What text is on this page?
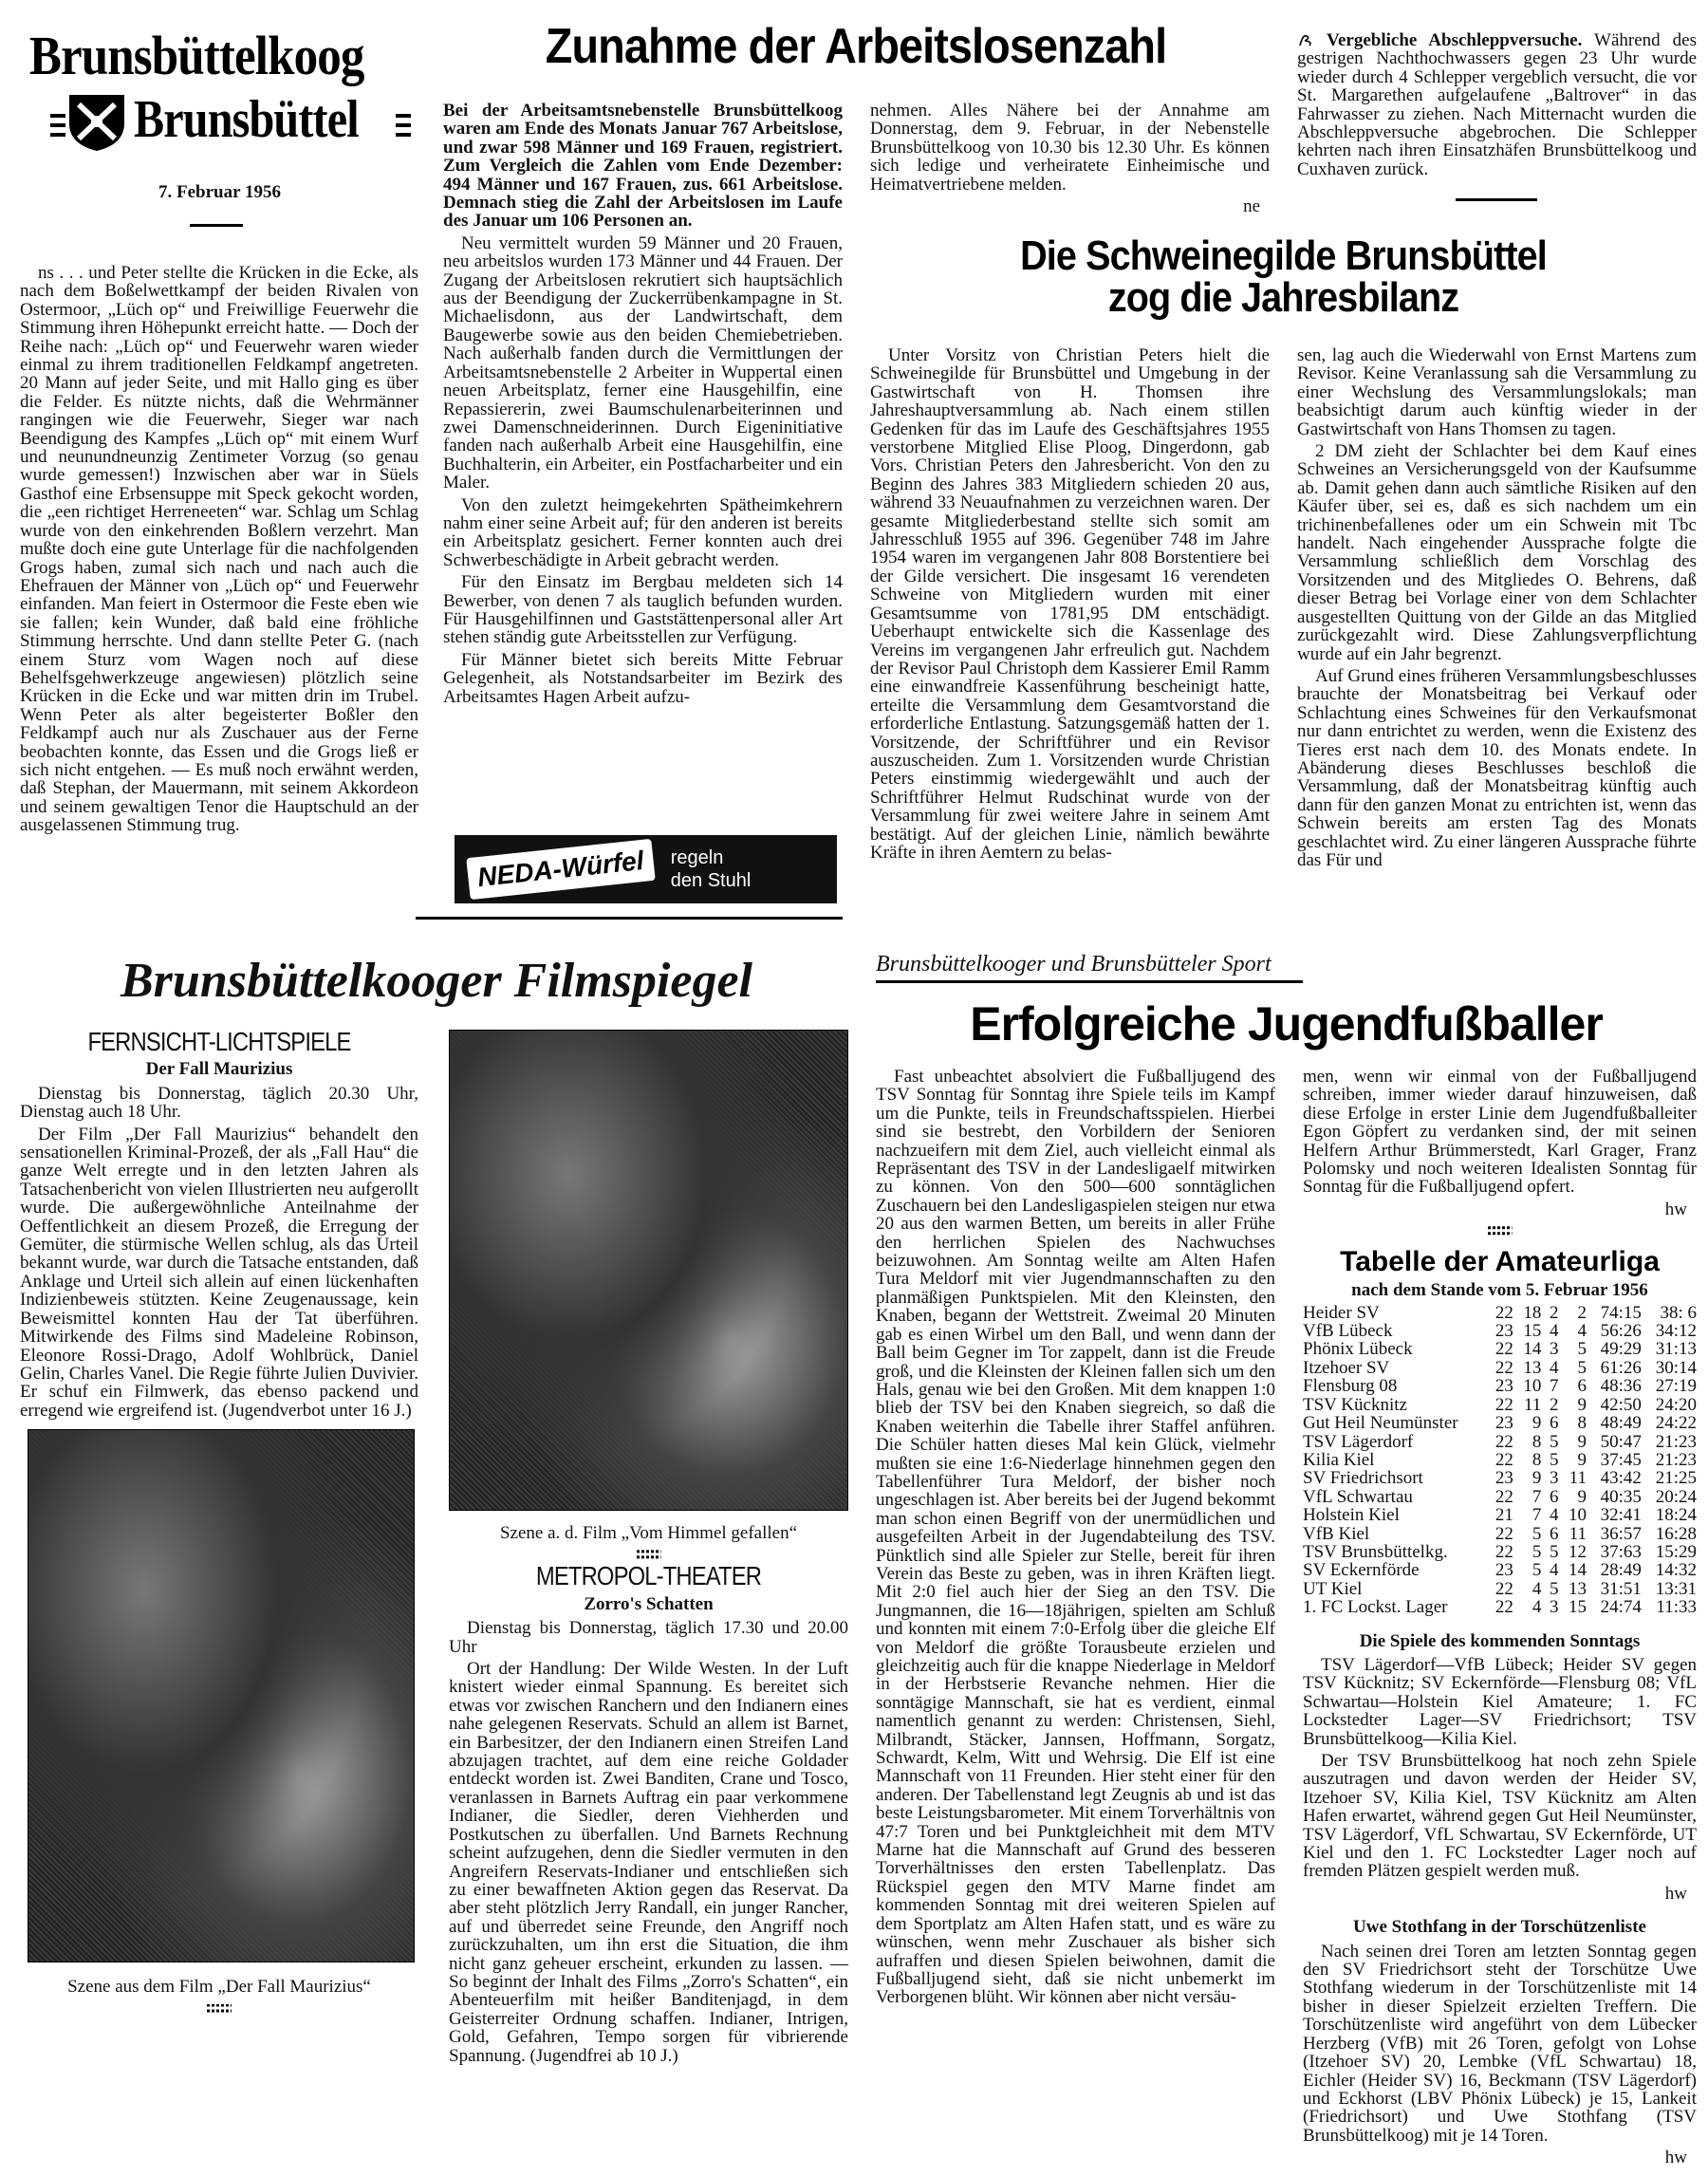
Brunsbüttelkoog
Brunsbüttel
7. Februar 1956

ns . . . und Peter stellte die Krücken in die Ecke, als nach dem Boßelwettkampf der beiden Rivalen von Ostermoor, „Lüch op“ und Freiwillige Feuerwehr die Stimmung ihren Höhepunkt erreicht hatte. — Doch der Reihe nach: „Lüch op“ und Feuerwehr waren wieder einmal zu ihrem traditionellen Feldkampf angetreten. 20 Mann auf jeder Seite, und mit Hallo ging es über die Felder. Es nützte nichts, daß die Wehrmänner rangingen wie die Feuerwehr, Sieger war nach Beendigung des Kampfes „Lüch op“ mit einem Wurf und neunundneunzig Zentimeter Vorzug (so genau wurde gemessen!) Inzwischen aber war in Süels Gasthof eine Erbsensuppe mit Speck gekocht worden, die „een richtiget Herreneeten“ war. Schlag um Schlag wurde von den einkehrenden Boßlern verzehrt. Man mußte doch eine gute Unterlage für die nachfolgenden Grogs haben, zumal sich nach und nach auch die Ehefrauen der Männer von „Lüch op“ und Feuerwehr einfanden. Man feiert in Ostermoor die Feste eben wie sie fallen; kein Wunder, daß bald eine fröhliche Stimmung herrschte. Und dann stellte Peter G. (nach einem Sturz vom Wagen noch auf diese Behelfsgehwerkzeuge angewiesen) plötzlich seine Krücken in die Ecke und war mitten drin im Trubel. Wenn Peter als alter begeisterter Boßler den Feldkampf auch nur als Zuschauer aus der Ferne beobachten konnte, das Essen und die Grogs ließ er sich nicht entgehen. — Es muß noch erwähnt werden, daß Stephan, der Mauermann, mit seinem Akkordeon und seinem gewaltigen Tenor die Hauptschuld an der ausgelassenen Stimmung trug.

Zunahme der Arbeitslosenzahl

Bei der Arbeitsamtsnebenstelle Brunsbüttelkoog waren am Ende des Monats Januar 767 Arbeitslose, und zwar 598 Männer und 169 Frauen, registriert. Zum Vergleich die Zahlen vom Ende Dezember: 494 Männer und 167 Frauen, zus. 661 Arbeitslose. Demnach stieg die Zahl der Arbeitslosen im Laufe des Januar um 106 Personen an.

Neu vermittelt wurden 59 Männer und 20 Frauen, neu arbeitslos wurden 173 Männer und 44 Frauen. Der Zugang der Arbeitslosen rekrutiert sich hauptsächlich aus der Beendigung der Zuckerrübenkampagne in St. Michaelisdonn, aus der Landwirtschaft, dem Baugewerbe sowie aus den beiden Chemiebetrieben. Nach außerhalb fanden durch die Vermittlungen der Arbeitsamtsnebenstelle 2 Arbeiter in Wuppertal einen neuen Arbeitsplatz, ferner eine Hausgehilfin, eine Repassiererin, zwei Baumschulenarbeiterinnen und zwei Damenschneiderinnen. Durch Eigeninitiative fanden nach außerhalb Arbeit eine Hausgehilfin, eine Buchhalterin, ein Arbeiter, ein Postfacharbeiter und ein Maler.

Von den zuletzt heimgekehrten Spätheimkehrern nahm einer seine Arbeit auf; für den anderen ist bereits ein Arbeitsplatz gesichert. Ferner konnten auch drei Schwerbeschädigte in Arbeit gebracht werden.

Für den Einsatz im Bergbau meldeten sich 14 Bewerber, von denen 7 als tauglich befunden wurden. Für Hausgehilfinnen und Gaststättenpersonal aller Art stehen ständig gute Arbeitsstellen zur Verfügung.

Für Männer bietet sich bereits Mitte Februar Gelegenheit, als Notstandsarbeiter im Bezirk des Arbeitsamtes Hagen Arbeit aufzu-

nehmen. Alles Nähere bei der Annahme am Donnerstag, dem 9. Februar, in der Nebenstelle Brunsbüttelkoog von 10.30 bis 12.30 Uhr. Es können sich ledige und verheiratete Einheimische und Heimatvertriebene melden.

ne

NEDA-Würfel	regeln
den Stuhl

Vergebliche Abschleppversuche. Während des gestrigen Nachthochwassers gegen 23 Uhr wurde wieder durch 4 Schlepper vergeblich versucht, die vor St. Margarethen aufgelaufene „Baltrover“ in das Fahrwasser zu ziehen. Nach Mitternacht wurden die Abschleppversuche abgebrochen. Die Schlepper kehrten nach ihren Einsatzhäfen Brunsbüttelkoog und Cuxhaven zurück.

Die Schweinegilde Brunsbüttel
zog die Jahresbilanz

Unter Vorsitz von Christian Peters hielt die Schweinegilde für Brunsbüttel und Umgebung in der Gastwirtschaft von H. Thomsen ihre Jahreshauptversammlung ab. Nach einem stillen Gedenken für das im Laufe des Geschäftsjahres 1955 verstorbene Mitglied Elise Ploog, Dingerdonn, gab Vors. Christian Peters den Jahresbericht. Von den zu Beginn des Jahres 383 Mitgliedern schieden 20 aus, während 33 Neuaufnahmen zu verzeichnen waren. Der gesamte Mitgliederbestand stellte sich somit am Jahresschluß 1955 auf 396. Gegenüber 748 im Jahre 1954 waren im vergangenen Jahr 808 Borstentiere bei der Gilde versichert. Die insgesamt 16 verendeten Schweine von Mitgliedern wurden mit einer Gesamtsumme von 1781,95 DM entschädigt. Ueberhaupt entwickelte sich die Kassenlage des Vereins im vergangenen Jahr erfreulich gut. Nachdem der Revisor Paul Christoph dem Kassierer Emil Ramm eine einwandfreie Kassenführung bescheinigt hatte, erteilte die Versammlung dem Gesamtvorstand die erforderliche Entlastung. Satzungsgemäß hatten der 1. Vorsitzende, der Schriftführer und ein Revisor auszuscheiden. Zum 1. Vorsitzenden wurde Christian Peters einstimmig wiedergewählt und auch der Schriftführer Helmut Rudschinat wurde von der Versammlung für zwei weitere Jahre in seinem Amt bestätigt. Auf der gleichen Linie, nämlich bewährte Kräfte in ihren Aemtern zu belas-

sen, lag auch die Wiederwahl von Ernst Martens zum Revisor. Keine Veranlassung sah die Versammlung zu einer Wechslung des Versammlungslokals; man beabsichtigt darum auch künftig wieder in der Gastwirtschaft von Hans Thomsen zu tagen.

2 DM zieht der Schlachter bei dem Kauf eines Schweines an Versicherungsgeld von der Kaufsumme ab. Damit gehen dann auch sämtliche Risiken auf den Käufer über, sei es, daß es sich nachdem um ein trichinenbefallenes oder um ein Schwein mit Tbc handelt. Nach eingehender Aussprache folgte die Versammlung schließlich dem Vorschlag des Vorsitzenden und des Mitgliedes O. Behrens, daß dieser Betrag bei Vorlage einer von dem Schlachter ausgestellten Quittung von der Gilde an das Mitglied zurückgezahlt wird. Diese Zahlungsverpflichtung wurde auf ein Jahr begrenzt.

Auf Grund eines früheren Versammlungsbeschlusses brauchte der Monatsbeitrag bei Verkauf oder Schlachtung eines Schweines für den Verkaufsmonat nur dann entrichtet zu werden, wenn die Existenz des Tieres erst nach dem 10. des Monats endete. In Abänderung dieses Beschlusses beschloß die Versammlung, daß der Monatsbeitrag künftig auch dann für den ganzen Monat zu entrichten ist, wenn das Schwein bereits am ersten Tag des Monats geschlachtet wird. Zu einer längeren Aussprache führte das Für und

Brunsbüttelkooger Filmspiegel
FERNSICHT-LICHTSPIELE
Der Fall Maurizius

Dienstag bis Donnerstag, täglich 20.30 Uhr, Dienstag auch 18 Uhr.

Der Film „Der Fall Maurizius“ behandelt den sensationellen Kriminal-Prozeß, der als „Fall Hau“ die ganze Welt erregte und in den letzten Jahren als Tatsachenbericht von vielen Illustrierten neu aufgerollt wurde. Die außergewöhnliche Anteilnahme der Oeffentlichkeit an diesem Prozeß, die Erregung der Gemüter, die stürmische Wellen schlug, als das Urteil bekannt wurde, war durch die Tatsache entstanden, daß Anklage und Urteil sich allein auf einen lückenhaften Indizienbeweis stützten. Keine Zeugenaussage, kein Beweismittel konnten Hau der Tat überführen. Mitwirkende des Films sind Madeleine Robinson, Eleonore Rossi-Drago, Adolf Wohlbrück, Daniel Gelin, Charles Vanel. Die Regie führte Julien Duvivier. Er schuf ein Filmwerk, das ebenso packend und erregend wie ergreifend ist. (Jugendverbot unter 16 J.)

Szene aus dem Film „Der Fall Maurizius“

Szene a. d. Film „Vom Himmel gefallen“

METROPOL-THEATER
Zorro's Schatten

Dienstag bis Donnerstag, täglich 17.30 und 20.00 Uhr

Ort der Handlung: Der Wilde Westen. In der Luft knistert wieder einmal Spannung. Es bereitet sich etwas vor zwischen Ranchern und den Indianern eines nahe gelegenen Reservats. Schuld an allem ist Barnet, ein Barbesitzer, der den Indianern einen Streifen Land abzujagen trachtet, auf dem eine reiche Goldader entdeckt worden ist. Zwei Banditen, Crane und Tosco, veranlassen in Barnets Auftrag ein paar verkommene Indianer, die Siedler, deren Viehherden und Postkutschen zu überfallen. Und Barnets Rechnung scheint aufzugehen, denn die Siedler vermuten in den Angreifern Reservats-Indianer und entschließen sich zu einer bewaffneten Aktion gegen das Reservat. Da aber steht plötzlich Jerry Randall, ein junger Rancher, auf und überredet seine Freunde, den Angriff noch zurückzuhalten, um ihn erst die Situation, die ihm nicht ganz geheuer erscheint, erkunden zu lassen. — So beginnt der Inhalt des Films „Zorro's Schatten“, ein Abenteuerfilm mit heißer Banditenjagd, in dem Geisterreiter Ordnung schaffen. Indianer, Intrigen, Gold, Gefahren, Tempo sorgen für vibrierende Spannung. (Jugendfrei ab 10 J.)

Brunsbüttelkooger und Brunsbütteler Sport
Erfolgreiche Jugendfußballer

Fast unbeachtet absolviert die Fußballjugend des TSV Sonntag für Sonntag ihre Spiele teils im Kampf um die Punkte, teils in Freundschaftsspielen. Hierbei sind sie bestrebt, den Vorbildern der Senioren nachzueifern mit dem Ziel, auch vielleicht einmal als Repräsentant des TSV in der Landesligaelf mitwirken zu können. Von den 500—600 sonntäglichen Zuschauern bei den Landesligaspielen steigen nur etwa 20 aus den warmen Betten, um bereits in aller Frühe den herrlichen Spielen des Nachwuchses beizuwohnen. Am Sonntag weilte am Alten Hafen Tura Meldorf mit vier Jugendmannschaften zu den planmäßigen Punktspielen. Mit den Kleinsten, den Knaben, begann der Wettstreit. Zweimal 20 Minuten gab es einen Wirbel um den Ball, und wenn dann der Ball beim Gegner im Tor zappelt, dann ist die Freude groß, und die Kleinsten der Kleinen fallen sich um den Hals, genau wie bei den Großen. Mit dem knappen 1:0 blieb der TSV bei den Knaben siegreich, so daß die Knaben weiterhin die Tabelle ihrer Staffel anführen. Die Schüler hatten dieses Mal kein Glück, vielmehr mußten sie eine 1:6-Niederlage hinnehmen gegen den Tabellenführer Tura Meldorf, der bisher noch ungeschlagen ist. Aber bereits bei der Jugend bekommt man schon einen Begriff von der unermüdlichen und ausgefeilten Arbeit in der Jugendabteilung des TSV. Pünktlich sind alle Spieler zur Stelle, bereit für ihren Verein das Beste zu geben, was in ihren Kräften liegt. Mit 2:0 fiel auch hier der Sieg an den TSV. Die Jungmannen, die 16—18jährigen, spielten am Schluß und konnten mit einem 7:0-Erfolg über die gleiche Elf von Meldorf die größte Torausbeute erzielen und gleichzeitig auch für die knappe Niederlage in Meldorf in der Herbstserie Revanche nehmen. Hier die sonntägige Mannschaft, sie hat es verdient, einmal namentlich genannt zu werden: Christensen, Siehl, Milbrandt, Stäcker, Jannsen, Hoffmann, Sorgatz, Schwardt, Kelm, Witt und Wehrsig. Die Elf ist eine Mannschaft von 11 Freunden. Hier steht einer für den anderen. Der Tabellenstand legt Zeugnis ab und ist das beste Leistungsbarometer. Mit einem Torverhältnis von 47:7 Toren und bei Punktgleichheit mit dem MTV Marne hat die Mannschaft auf Grund des besseren Torverhältnisses den ersten Tabellenplatz. Das Rückspiel gegen den MTV Marne findet am kommenden Sonntag mit drei weiteren Spielen auf dem Sportplatz am Alten Hafen statt, und es wäre zu wünschen, wenn mehr Zuschauer als bisher sich aufraffen und diesen Spielen beiwohnen, damit die Fußballjugend sieht, daß sie nicht unbemerkt im Verborgenen blüht. Wir können aber nicht versäu-

men, wenn wir einmal von der Fußballjugend schreiben, immer wieder darauf hinzuweisen, daß diese Erfolge in erster Linie dem Jugendfußballeiter Egon Göpfert zu verdanken sind, der mit seinen Helfern Arthur Brümmerstedt, Karl Grager, Franz Polomsky und noch weiteren Idealisten Sonntag für Sonntag für die Fußballjugend opfert.

hw

Tabelle der Amateurliga
nach dem Stande vom 5. Februar 1956
Heider SV	22	18	2	2	74:15	38: 6
VfB Lübeck	23	15	4	4	56:26	34:12
Phönix Lübeck	22	14	3	5	49:29	31:13
Itzehoer SV	22	13	4	5	61:26	30:14
Flensburg 08	23	10	7	6	48:36	27:19
TSV Kücknitz	22	11	2	9	42:50	24:20
Gut Heil Neumünster	23	9	6	8	48:49	24:22
TSV Lägerdorf	22	8	5	9	50:47	21:23
Kilia Kiel	22	8	5	9	37:45	21:23
SV Friedrichsort	23	9	3	11	43:42	21:25
VfL Schwartau	22	7	6	9	40:35	20:24
Holstein Kiel	21	7	4	10	32:41	18:24
VfB Kiel	22	5	6	11	36:57	16:28
TSV Brunsbüttelkg.	22	5	5	12	37:63	15:29
SV Eckernförde	23	5	4	14	28:49	14:32
UT Kiel	22	4	5	13	31:51	13:31
1. FC Lockst. Lager	22	4	3	15	24:74	11:33
Die Spiele des kommenden Sonntags

TSV Lägerdorf—VfB Lübeck; Heider SV gegen TSV Kücknitz; SV Eckernförde—Flensburg 08; VfL Schwartau—Holstein Kiel Amateure; 1. FC Lockstedter Lager—SV Friedrichsort; TSV Brunsbüttelkoog—Kilia Kiel.

Der TSV Brunsbüttelkoog hat noch zehn Spiele auszutragen und davon werden der Heider SV, Itzehoer SV, Kilia Kiel, TSV Kücknitz am Alten Hafen erwartet, während gegen Gut Heil Neumünster, TSV Lägerdorf, VfL Schwartau, SV Eckernförde, UT Kiel und den 1. FC Lockstedter Lager noch auf fremden Plätzen gespielt werden muß.

hw

Uwe Stothfang in der Torschützenliste

Nach seinen drei Toren am letzten Sonntag gegen den SV Friedrichsort steht der Torschütze Uwe Stothfang wiederum in der Torschützenliste mit 14 bisher in dieser Spielzeit erzielten Treffern. Die Torschützenliste wird angeführt von dem Lübecker Herzberg (VfB) mit 26 Toren, gefolgt von Lohse (Itzehoer SV) 20, Lembke (VfL Schwartau) 18, Eichler (Heider SV) 16, Beckmann (TSV Lägerdorf) und Eckhorst (LBV Phönix Lübeck) je 15, Lankeit (Friedrichsort) und Uwe Stothfang (TSV Brunsbüttelkoog) mit je 14 Toren.

hw
